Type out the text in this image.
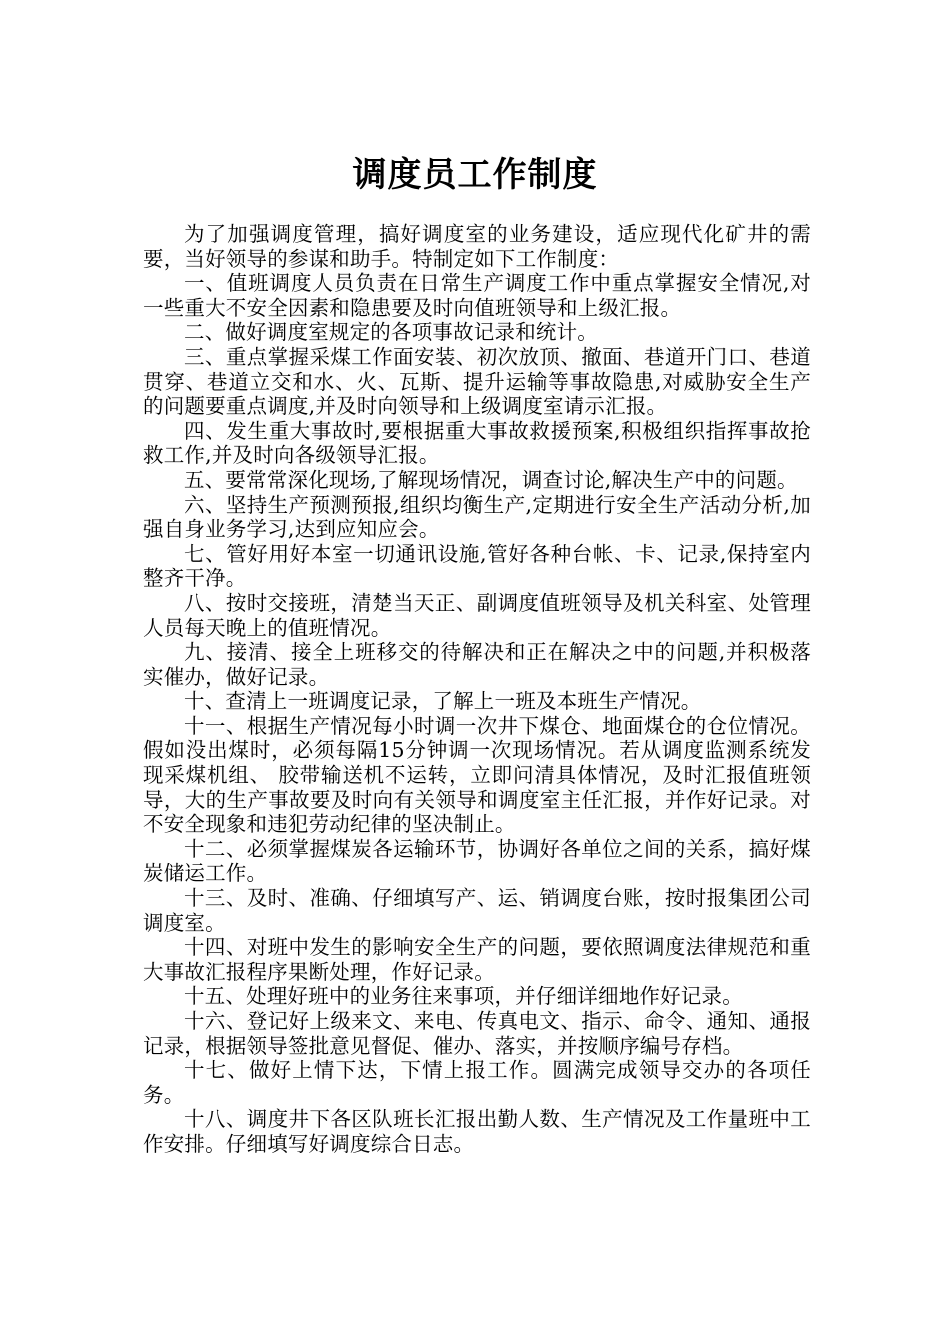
调度员工作制度

为了加强调度管理，搞好调度室的业务建设，适应现代化矿井的需要，当好领导的参谋和助手。特制定如下工作制度：

一、值班调度人员负责在日常生产调度工作中重点掌握安全情况,对一些重大不安全因素和隐患要及时向值班领导和上级汇报。

二、做好调度室规定的各项事故记录和统计。

三、重点掌握采煤工作面安装、初次放顶、撤面、巷道开门口、巷道贯穿、巷道立交和水、火、瓦斯、提升运输等事故隐患,对威胁安全生产的问题要重点调度,并及时向领导和上级调度室请示汇报。

四、发生重大事故时,要根据重大事故救援预案,积极组织指挥事故抢救工作,并及时向各级领导汇报。

五、要常常深化现场,了解现场情况，调查讨论,解决生产中的问题。

六、坚持生产预测预报,组织均衡生产,定期进行安全生产活动分析,加强自身业务学习,达到应知应会。

七、管好用好本室一切通讯设施,管好各种台帐、卡、记录,保持室内整齐干净。

八、按时交接班，清楚当天正、副调度值班领导及机关科室、处管理人员每天晚上的值班情况。

九、接清、接全上班移交的待解决和正在解决之中的问题,并积极落实催办，做好记录。

十、查清上一班调度记录，了解上一班及本班生产情况。

十一、根据生产情况每小时调一次井下煤仓、地面煤仓的仓位情况。假如没出煤时，必须每隔15分钟调一次现场情况。若从调度监测系统发现采煤机组、 胶带输送机不运转，立即问清具体情况，及时汇报值班领导，大的生产事故要及时向有关领导和调度室主任汇报，并作好记录。对不安全现象和违犯劳动纪律的坚决制止。

十二、必须掌握煤炭各运输环节，协调好各单位之间的关系，搞好煤炭储运工作。

十三、及时、准确、仔细填写产、运、销调度台账，按时报集团公司调度室。

十四、对班中发生的影响安全生产的问题，要依照调度法律规范和重大事故汇报程序果断处理，作好记录。

十五、处理好班中的业务往来事项，并仔细详细地作好记录。

十六、登记好上级来文、来电、传真电文、指示、命令、通知、通报记录，根据领导签批意见督促、催办、落实，并按顺序编号存档。

十七、做好上情下达，下情上报工作。圆满完成领导交办的各项任务。

十八、调度井下各区队班长汇报出勤人数、生产情况及工作量班中工作安排。仔细填写好调度综合日志。
